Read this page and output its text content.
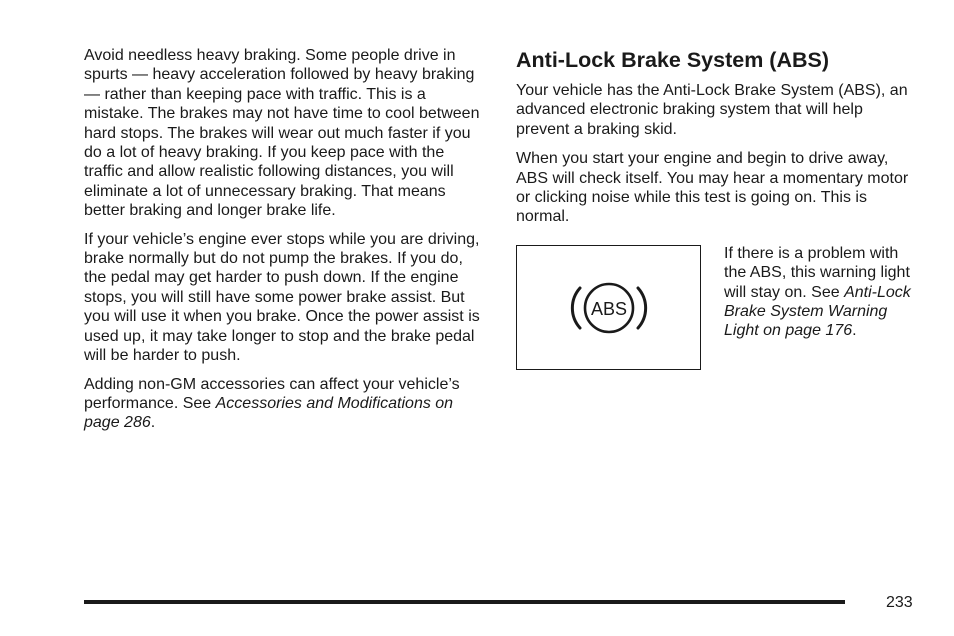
Avoid needless heavy braking. Some people drive in spurts — heavy acceleration followed by heavy braking — rather than keeping pace with traffic. This is a mistake. The brakes may not have time to cool between hard stops. The brakes will wear out much faster if you do a lot of heavy braking. If you keep pace with the traffic and allow realistic following distances, you will eliminate a lot of unnecessary braking. That means better braking and longer brake life.

If your vehicle’s engine ever stops while you are driving, brake normally but do not pump the brakes. If you do, the pedal may get harder to push down. If the engine stops, you will still have some power brake assist. But you will use it when you brake. Once the power assist is used up, it may take longer to stop and the brake pedal will be harder to push.

Adding non-GM accessories can affect your vehicle’s performance. See Accessories and Modifications on page 286.

Anti-Lock Brake System (ABS)

Your vehicle has the Anti-Lock Brake System (ABS), an advanced electronic braking system that will help prevent a braking skid.

When you start your engine and begin to drive away, ABS will check itself. You may hear a momentary motor or clicking noise while this test is going on. This is normal.

ABS

If there is a problem with the ABS, this warning light will stay on. See Anti-Lock Brake System Warning Light on page 176.

233
